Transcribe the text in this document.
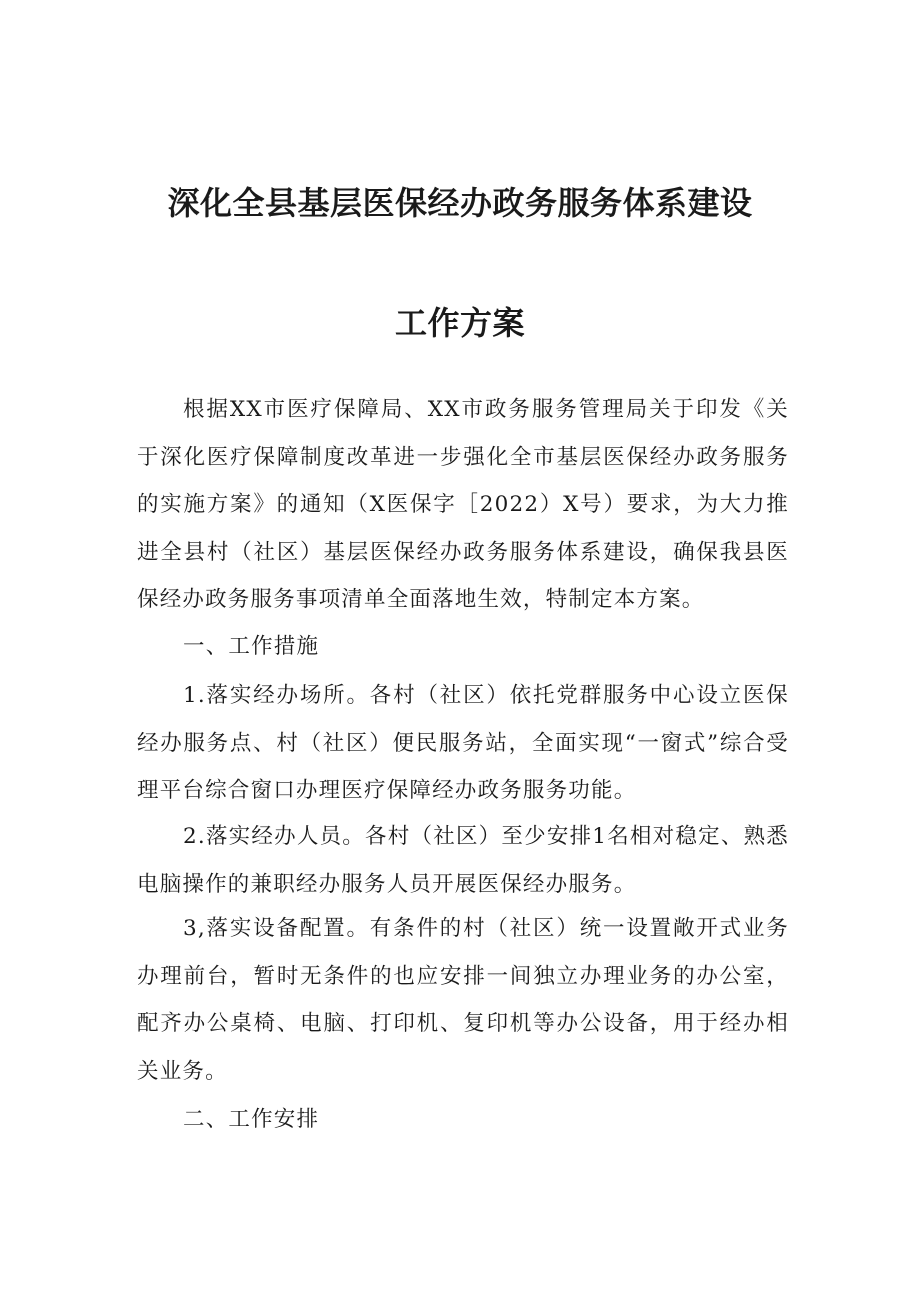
深化全县基层医保经办政务服务体系建设
工作方案

根据XX市医疗保障局、XX市政务服务管理局关于印发《关于深化医疗保障制度改革进一步强化全市基层医保经办政务服务的实施方案》的通知（X医保字［2022）X号）要求，为大力推进全县村（社区）基层医保经办政务服务体系建设，确保我县医保经办政务服务事项清单全面落地生效，特制定本方案。

一、工作措施

1.落实经办场所。各村（社区）依托党群服务中心设立医保经办服务点、村（社区）便民服务站，全面实现“一窗式”综合受理平台综合窗口办理医疗保障经办政务服务功能。

2.落实经办人员。各村（社区）至少安排1名相对稳定、熟悉电脑操作的兼职经办服务人员开展医保经办服务。

3,落实设备配置。有条件的村（社区）统一设置敞开式业务办理前台，暂时无条件的也应安排一间独立办理业务的办公室，配齐办公桌椅、电脑、打印机、复印机等办公设备，用于经办相关业务。

二、工作安排
